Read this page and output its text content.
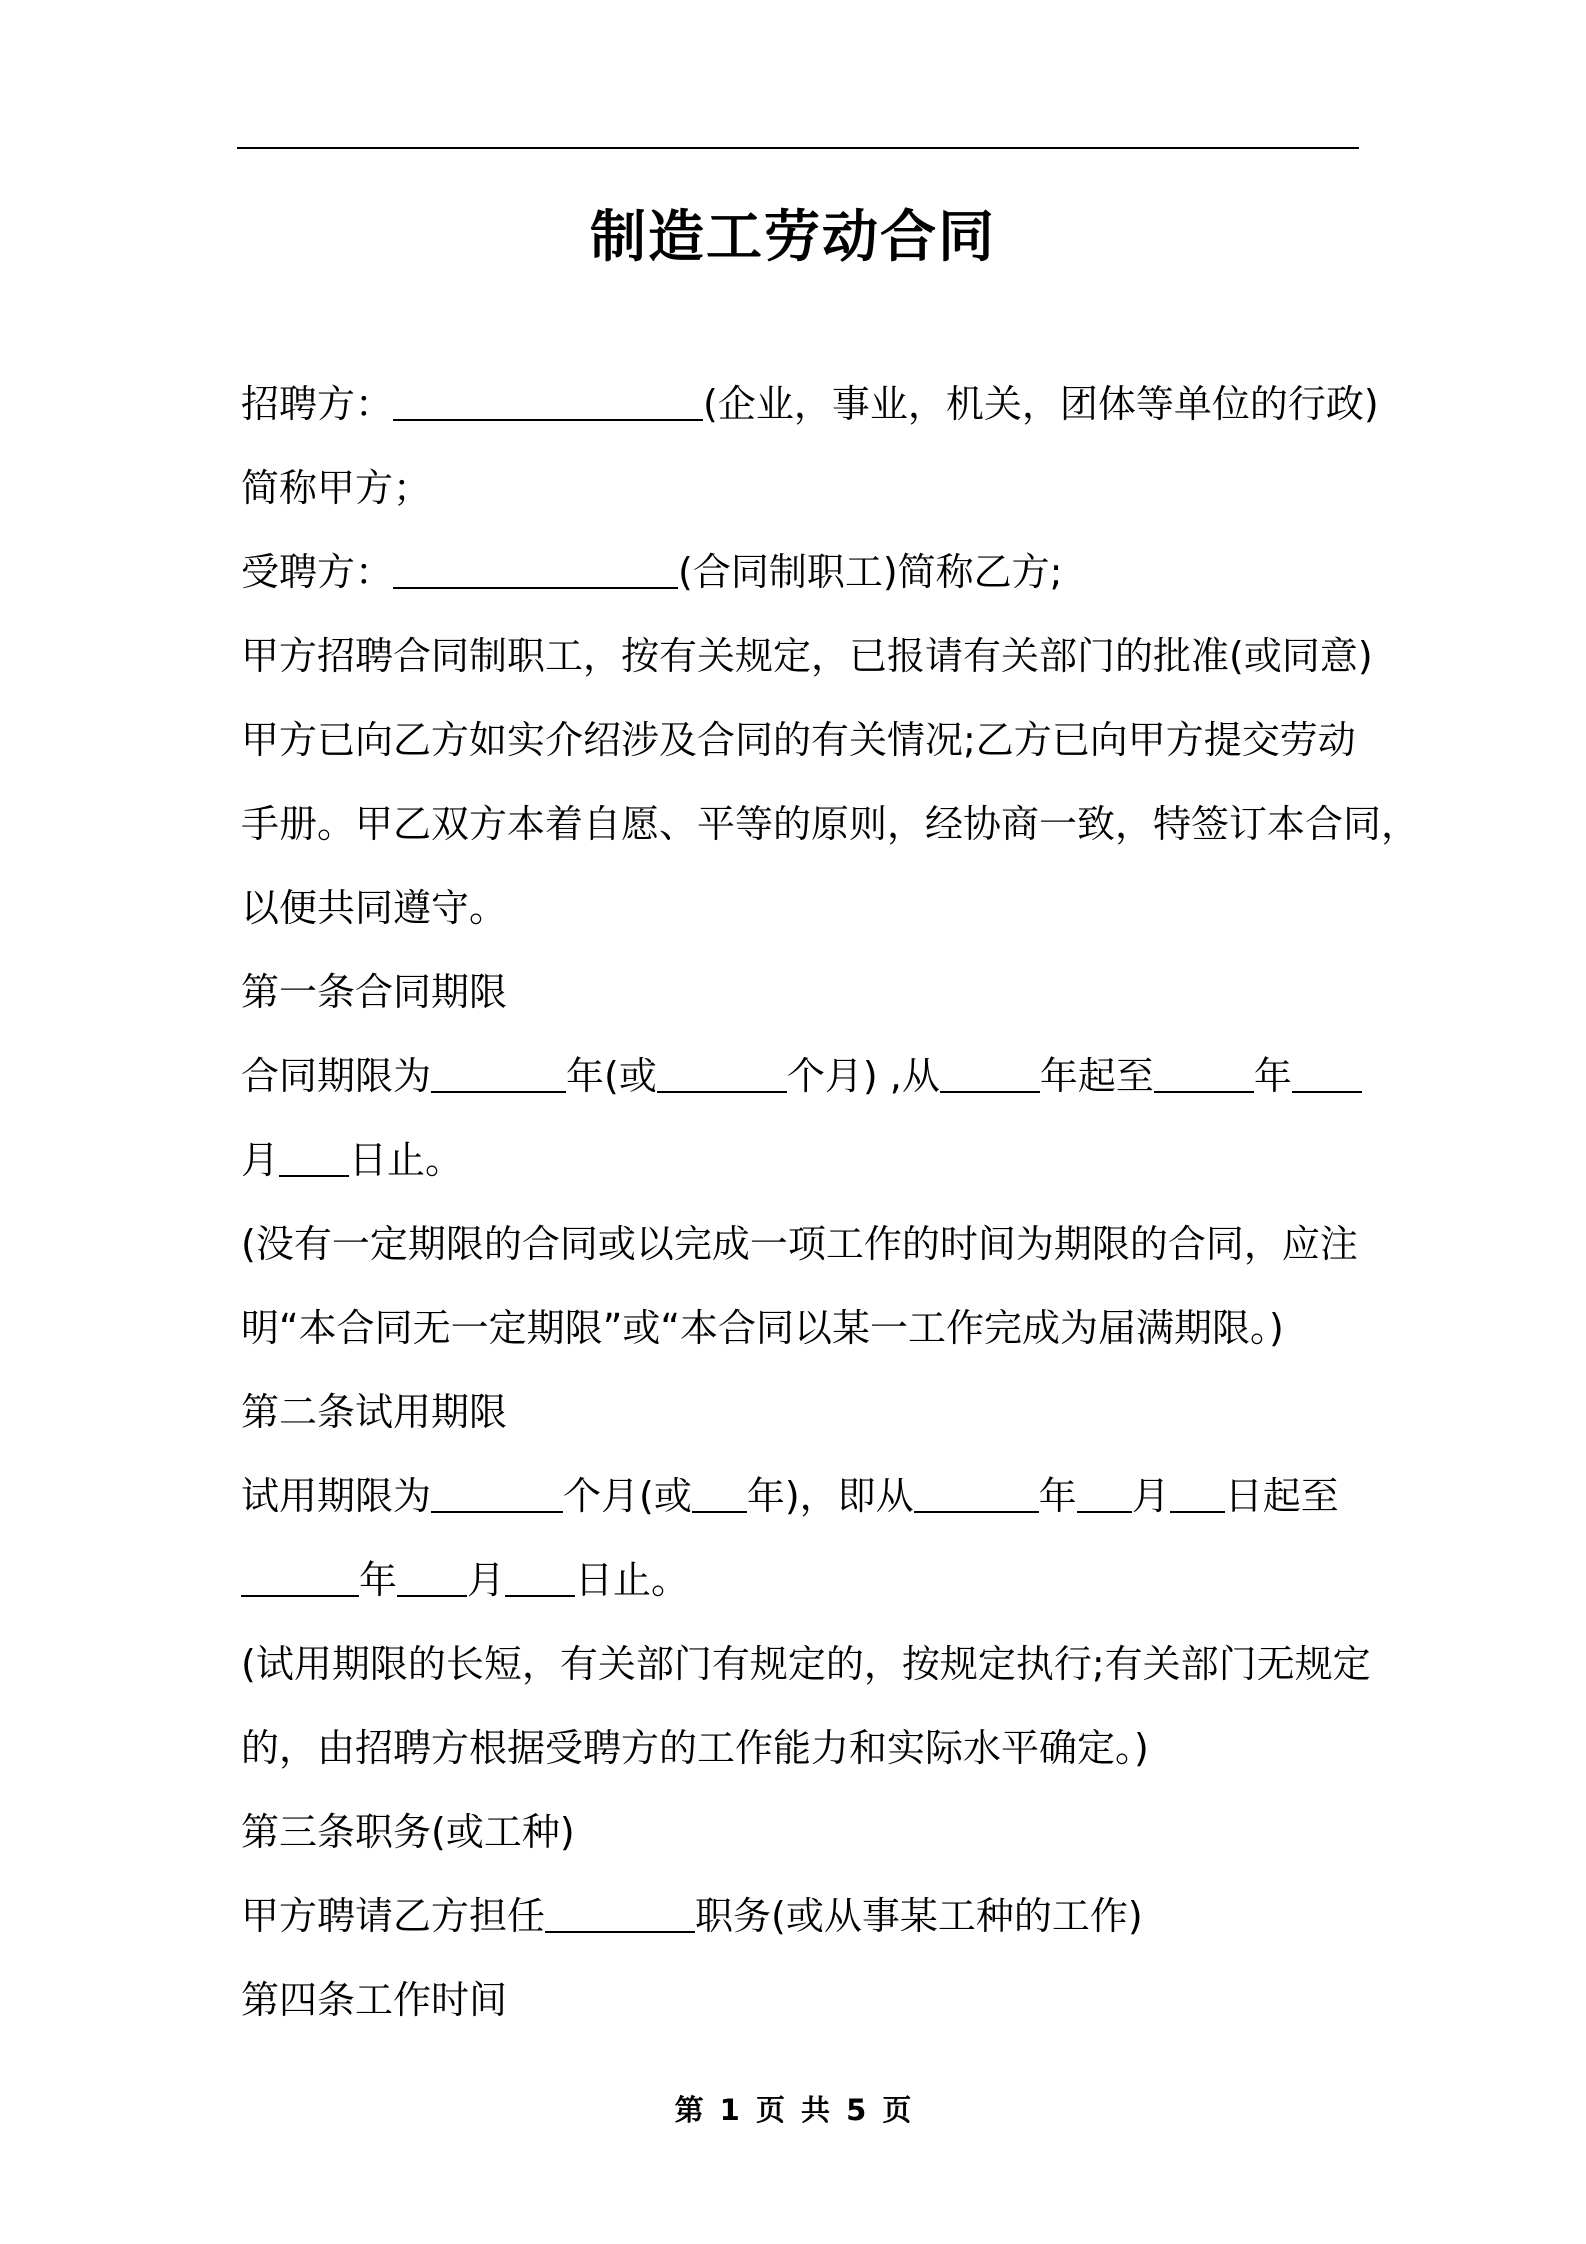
制造工劳动合同
招聘方：	(企业，事业，机关，团体等单位的行政)
简称甲方；
受聘方：	(合同制职工)简称乙方;
甲方招聘合同制职工，按有关规定，已报请有关部门的批准(或同意)
甲方已向乙方如实介绍涉及合同的有关情况;乙方已向甲方提交劳动
手册。甲乙双方本着自愿、平等的原则，经协商一致，特签订本合同，
以便共同遵守。
第一条合同期限
合同期限为	年(或	个月) ,从	年起至	年
月 日止。
(没有一定期限的合同或以完成一项工作的时间为期限的合同，应注
明“本合同无一定期限”或“本合同以某一工作完成为届满期限。)
第二条试用期限
试用期限为	个月(或 年)，即从	年 月 日起至
年 月 日止。
(试用期限的长短，有关部门有规定的，按规定执行;有关部门无规定
的，由招聘方根据受聘方的工作能力和实际水平确定。)
第三条职务(或工种)
甲方聘请乙方担任	职务(或从事某工种的工作)
第四条工作时间
第 1 页 共 5 页
